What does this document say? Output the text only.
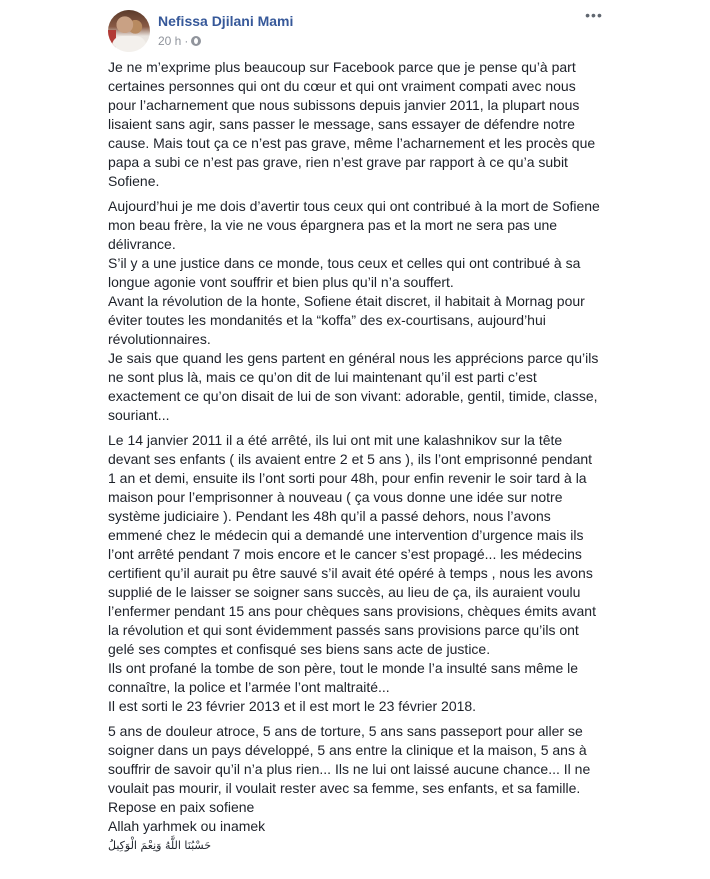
Nefissa Djilani Mami
20 h ·
•••

Je ne m’exprime plus beaucoup sur Facebook parce que je pense qu’à part
certaines personnes qui ont du cœur et qui ont vraiment compati avec nous
pour l’acharnement que nous subissons depuis janvier 2011, la plupart nous
lisaient sans agir, sans passer le message, sans essayer de défendre notre
cause. Mais tout ça ce n’est pas grave, même l’acharnement et les procès que
papa a subi ce n’est pas grave, rien n’est grave par rapport à ce qu’a subit
Sofiene.

Aujourd’hui je me dois d’avertir tous ceux qui ont contribué à la mort de Sofiene
mon beau frère, la vie ne vous épargnera pas et la mort ne sera pas une
délivrance.
S’il y a une justice dans ce monde, tous ceux et celles qui ont contribué à sa
longue agonie vont souffrir et bien plus qu’il n’a souffert.
Avant la révolution de la honte, Sofiene était discret, il habitait à Mornag pour
éviter toutes les mondanités et la “koffa” des ex-courtisans, aujourd’hui
révolutionnaires.
Je sais que quand les gens partent en général nous les apprécions parce qu’ils
ne sont plus là, mais ce qu’on dit de lui maintenant qu’il est parti c’est
exactement ce qu’on disait de lui de son vivant: adorable, gentil, timide, classe,
souriant...

Le 14 janvier 2011 il a été arrêté, ils lui ont mit une kalashnikov sur la tête
devant ses enfants ( ils avaient entre 2 et 5 ans ), ils l’ont emprisonné pendant
1 an et demi, ensuite ils l’ont sorti pour 48h, pour enfin revenir le soir tard à la
maison pour l’emprisonner à nouveau ( ça vous donne une idée sur notre
système judiciaire ). Pendant les 48h qu’il a passé dehors, nous l’avons
emmené chez le médecin qui a demandé une intervention d’urgence mais ils
l’ont arrêté pendant 7 mois encore et le cancer s’est propagé... les médecins
certifient qu’il aurait pu être sauvé s’il avait été opéré à temps , nous les avons
supplié de le laisser se soigner sans succès, au lieu de ça, ils auraient voulu
l’enfermer pendant 15 ans pour chèques sans provisions, chèques émits avant
la révolution et qui sont évidemment passés sans provisions parce qu’ils ont
gelé ses comptes et confisqué ses biens sans acte de justice.
Ils ont profané la tombe de son père, tout le monde l’a insulté sans même le
connaître, la police et l’armée l’ont maltraité...
Il est sorti le 23 février 2013 et il est mort le 23 février 2018.

5 ans de douleur atroce, 5 ans de torture, 5 ans sans passeport pour aller se
soigner dans un pays développé, 5 ans entre la clinique et la maison, 5 ans à
souffrir de savoir qu’il n’a plus rien... Ils ne lui ont laissé aucune chance... Il ne
voulait pas mourir, il voulait rester avec sa femme, ses enfants, et sa famille.
Repose en paix sofiene
Allah yarhmek ou inamek
حَسْبُنَا اللَّهُ وَنِعْمَ الْوَكِيلُ
